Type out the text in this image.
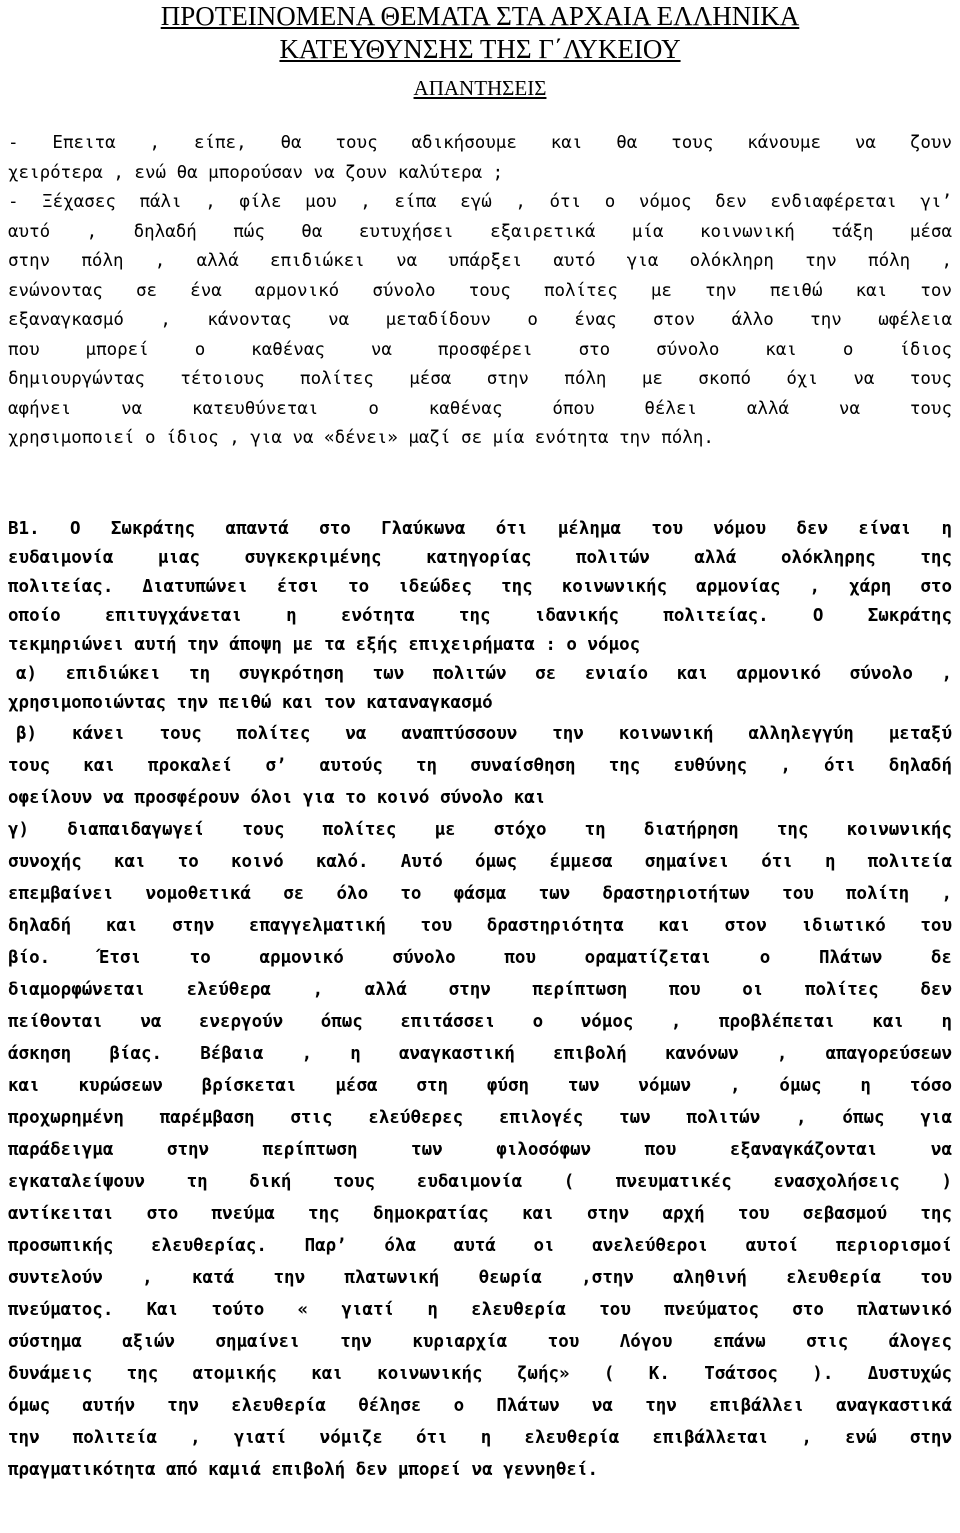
ΠΡΟΤΕΙΝΟΜΕΝΑ ΘΕΜΑΤΑ ΣΤΑ ΑΡΧΑΙΑ ΕΛΛΗΝΙΚΑ
ΚΑΤΕΥΘΥΝΣΗΣ ΤΗΣ Γ΄ΛΥΚΕΙΟΥ
ΑΠΑΝΤΗΣΕΙΣ
- Επειτα , είπε, θα τους αδικήσουμε και θα τους κάνουμε να ζουν
χειρότερα , ενώ θα μπορούσαν να ζουν καλύτερα ;
- Ξέχασες πάλι , φίλε μου , είπα εγώ , ότι ο νόμος δεν ενδιαφέρεται γι’
αυτό , δηλαδή πώς θα ευτυχήσει εξαιρετικά μία κοινωνική τάξη μέσα
στην πόλη , αλλά επιδιώκει να υπάρξει αυτό για ολόκληρη την πόλη ,
ενώνοντας σε ένα αρμονικό σύνολο τους πολίτες με την πειθώ και τον
εξαναγκασμό , κάνοντας να μεταδίδουν ο ένας στον άλλο την ωφέλεια
που μπορεί ο καθένας να προσφέρει στο σύνολο και ο ίδιος
δημιουργώντας τέτοιους πολίτες μέσα στην πόλη με σκοπό όχι να τους
αφήνει να κατευθύνεται ο καθένας όπου θέλει αλλά να τους
χρησιμοποιεί ο ίδιος , για να «δένει» μαζί σε μία ενότητα την πόλη.
Β1. Ο Σωκράτης απαντά στο Γλαύκωνα ότι μέλημα του νόμου δεν είναι η
ευδαιμονία μιας συγκεκριμένης κατηγορίας πολιτών αλλά ολόκληρης της
πολιτείας. Διατυπώνει έτσι το ιδεώδες της κοινωνικής αρμονίας , χάρη στο
οποίο επιτυγχάνεται η ενότητα της ιδανικής πολιτείας. Ο Σωκράτης
τεκμηριώνει αυτή την άποψη με τα εξής επιχειρήματα : ο νόμος
α) επιδιώκει τη συγκρότηση των πολιτών σε ενιαίο και αρμονικό σύνολο ,
χρησιμοποιώντας την πειθώ και τον καταναγκασμό
β) κάνει τους πολίτες να αναπτύσσουν την κοινωνική αλληλεγγύη μεταξύ
τους και προκαλεί σ’ αυτούς τη συναίσθηση της ευθύνης , ότι δηλαδή
οφείλουν να προσφέρουν όλοι για το κοινό σύνολο και
γ) διαπαιδαγωγεί τους πολίτες με στόχο τη διατήρηση της κοινωνικής
συνοχής και το κοινό καλό. Αυτό όμως έμμεσα σημαίνει ότι η πολιτεία
επεμβαίνει νομοθετικά σε όλο το φάσμα των δραστηριοτήτων του πολίτη ,
δηλαδή και στην επαγγελματική του δραστηριότητα και στον ιδιωτικό του
βίο. Έτσι το αρμονικό σύνολο που οραματίζεται ο Πλάτων δε
διαμορφώνεται ελεύθερα , αλλά στην περίπτωση που οι πολίτες δεν
πείθονται να ενεργούν όπως επιτάσσει ο νόμος , προβλέπεται και η
άσκηση βίας. Βέβαια , η αναγκαστική επιβολή κανόνων , απαγορεύσεων
και κυρώσεων βρίσκεται μέσα στη φύση των νόμων , όμως η τόσο
προχωρημένη παρέμβαση στις ελεύθερες επιλογές των πολιτών , όπως για
παράδειγμα στην περίπτωση των φιλοσόφων που εξαναγκάζονται να
εγκαταλείψουν τη δική τους ευδαιμονία ( πνευματικές ενασχολήσεις )
αντίκειται στο πνεύμα της δημοκρατίας και στην αρχή του σεβασμού της
προσωπικής ελευθερίας. Παρ’ όλα αυτά οι ανελεύθεροι αυτοί περιορισμοί
συντελούν , κατά την πλατωνική θεωρία ,στην αληθινή ελευθερία του
πνεύματος. Και τούτο « γιατί η ελευθερία του πνεύματος στο πλατωνικό
σύστημα αξιών σημαίνει την κυριαρχία του Λόγου επάνω στις άλογες
δυνάμεις της ατομικής και κοινωνικής ζωής» ( Κ. Τσάτσος ). Δυστυχώς
όμως αυτήν την ελευθερία θέλησε ο Πλάτων να την επιβάλλει αναγκαστικά
την πολιτεία , γιατί νόμιζε ότι η ελευθερία επιβάλλεται , ενώ στην
πραγματικότητα από καμιά επιβολή δεν μπορεί να γεννηθεί.
